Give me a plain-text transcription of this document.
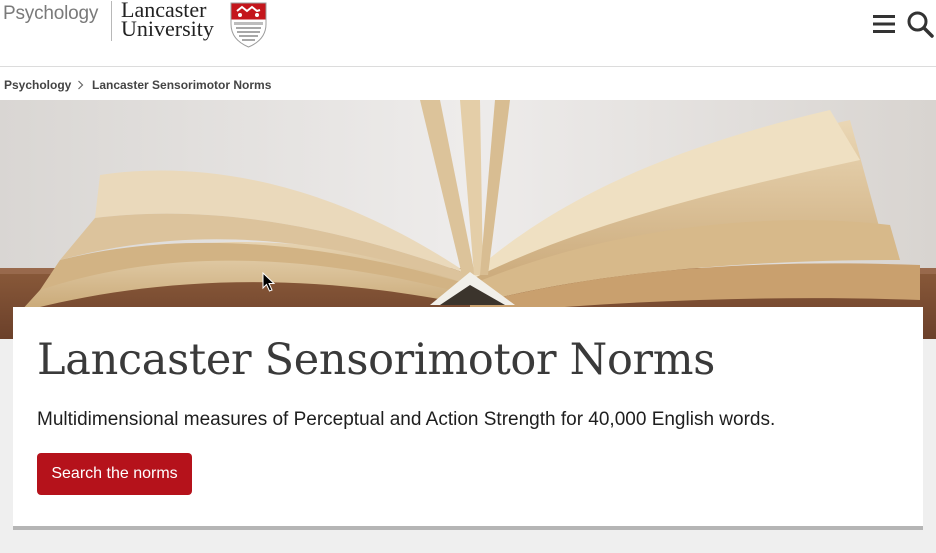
Psychology Lancaster
University
Psychology Lancaster Sensorimotor Norms
Lancaster Sensorimotor Norms

Multidimensional measures of Perceptual and Action Strength for 40,000 English words.

Search the norms
